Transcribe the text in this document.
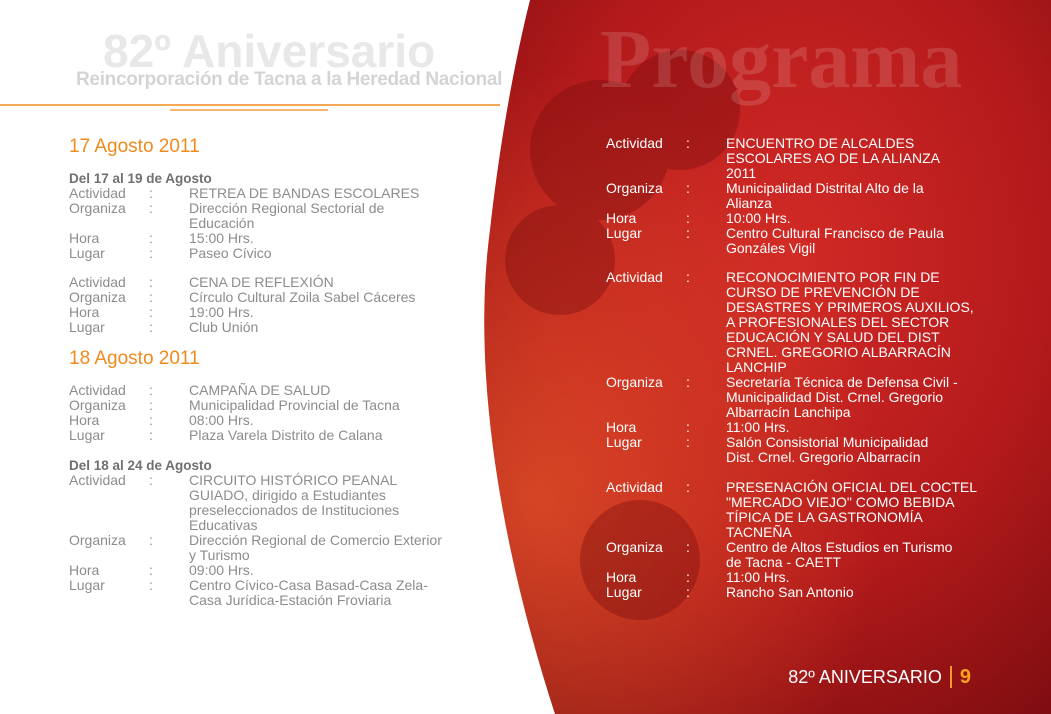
Programa
82º Aniversario
Reincorporación de Tacna a la Heredad Nacional
17 Agosto 2011
Del 17 al 19 de Agosto
Actividad	:	RETREA DE BANDAS ESCOLARES
Organiza	:	Dirección Regional Sectorial de
Educación
Hora	:	15:00 Hrs.
Lugar	:	Paseo Cívico
Actividad	:	CENA DE REFLEXIÓN
Organiza	:	Círculo Cultural Zoila Sabel Cáceres
Hora	:	19:00 Hrs.
Lugar	:	Club Unión
18 Agosto 2011
Actividad	:	CAMPAÑA DE SALUD
Organiza	:	Municipalidad Provincial de Tacna
Hora	:	08:00 Hrs.
Lugar	:	Plaza Varela Distrito de Calana
Del 18 al 24 de Agosto
Actividad	:	CIRCUITO HISTÓRICO PEANAL
GUIADO, dirigido a Estudiantes
preseleccionados de Instituciones
Educativas
Organiza	:	Dirección Regional de Comercio Exterior
y Turismo
Hora	:	09:00 Hrs.
Lugar	:	Centro Cívico-Casa Basad-Casa Zela-
Casa Jurídica-Estación Froviaria
Actividad	:	ENCUENTRO DE ALCALDES
ESCOLARES AO DE LA ALIANZA
2011
Organiza	:	Municipalidad Distrital Alto de la
Alianza
Hora	:	10:00 Hrs.
Lugar	:	Centro Cultural Francisco de Paula
Gonzáles Vigil
Actividad	:	RECONOCIMIENTO POR FIN DE
CURSO DE PREVENCIÓN DE
DESASTRES Y PRIMEROS AUXILIOS,
A PROFESIONALES DEL SECTOR
EDUCACIÓN Y SALUD DEL DIST
CRNEL. GREGORIO ALBARRACÍN
LANCHIP
Organiza	:	Secretaría Técnica de Defensa Civil -
Municipalidad Dist. Crnel. Gregorio
Albarracín Lanchipa
Hora	:	11:00 Hrs.
Lugar	:	Salón Consistorial Municipalidad
Dist. Crnel. Gregorio Albarracín
Actividad	:	PRESENACIÓN OFICIAL DEL COCTEL
"MERCADO VIEJO" COMO BEBIDA
TÍPICA DE LA GASTRONOMÍA
TACNEÑA
Organiza	:	Centro de Altos Estudios en Turismo
de Tacna - CAETT
Hora	:	11:00 Hrs.
Lugar	:	Rancho San Antonio
82º ANIVERSARIO 9
